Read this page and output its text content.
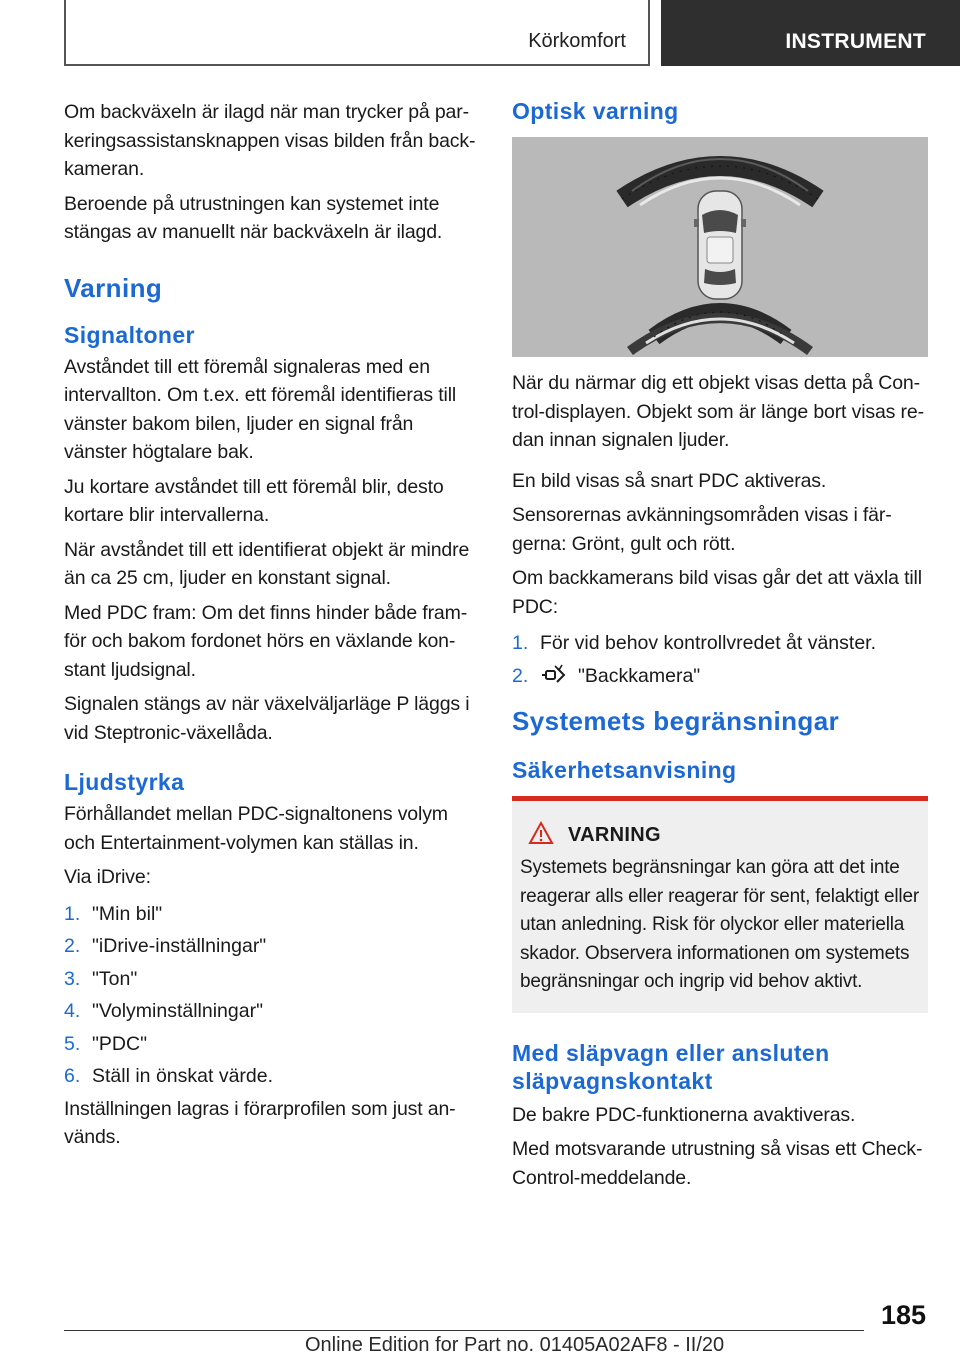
Körkomfort	INSTRUMENT

Om backväxeln är ilagd när man trycker på parkeringsassistansknappen visas bilden från backkameran.

Beroende på utrustningen kan systemet inte stängas av manuellt när backväxeln är ilagd.

Varning
Signaltoner

Avståndet till ett föremål signaleras med en intervallton. Om t.ex. ett föremål identifieras till vänster bakom bilen, ljuder en signal från vänster högtalare bak.

Ju kortare avståndet till ett föremål blir, desto kortare blir intervallerna.

När avståndet till ett identifierat objekt är mindre än ca 25 cm, ljuder en konstant signal.

Med PDC fram: Om det finns hinder både framför och bakom fordonet hörs en växlande konstant ljudsignal.

Signalen stängs av när växelväljarläge P läggs i vid Steptronic-växellåda.

Ljudstyrka

Förhållandet mellan PDC-signaltonens volym och Entertainment-volymen kan ställas in.

Via iDrive:

1. "Min bil"
2. "iDrive-inställningar"
3. "Ton"
4. "Volyminställningar"
5. "PDC"
6. Ställ in önskat värde.

Inställningen lagras i förarprofilen som just används.

Optisk varning

När du närmar dig ett objekt visas detta på Control-displayen. Objekt som är länge bort visas redan innan signalen ljuder.

En bild visas så snart PDC aktiveras.

Sensorernas avkänningsområden visas i färgerna: Grönt, gult och rött.

Om backkamerans bild visas går det att växla till PDC:

1. För vid behov kontrollvredet åt vänster.
2.	"Backkamera"
Systemets begränsningar
Säkerhetsanvisning
VARNING

Systemets begränsningar kan göra att det inte reagerar alls eller reagerar för sent, felaktigt eller utan anledning. Risk för olyckor eller materiella skador. Observera informationen om systemets begränsningar och ingrip vid behov aktivt.

Med släpvagn eller ansluten släpvagnskontakt

De bakre PDC-funktionerna avaktiveras.

Med motsvarande utrustning så visas ett Check-Control-meddelande.

185
Online Edition for Part no. 01405A02AF8 - II/20
